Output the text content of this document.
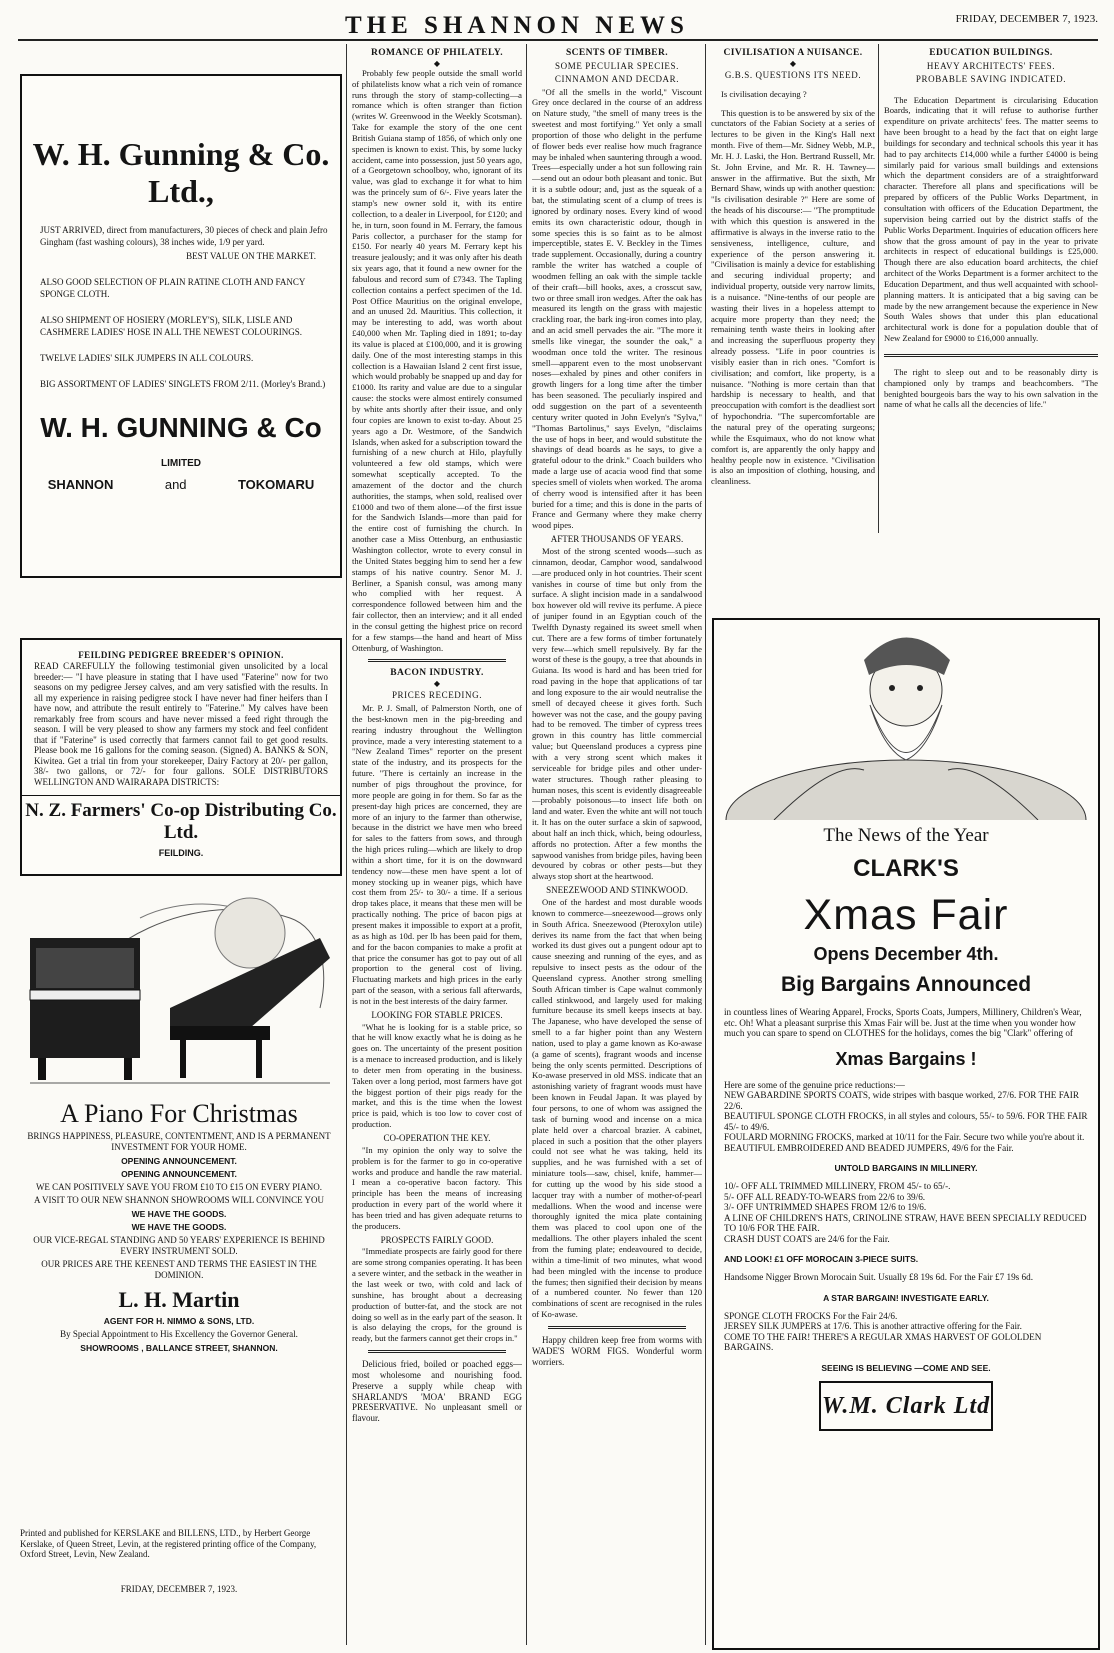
THE SHANNON NEWS	FRIDAY, DECEMBER 7, 1923.
W. H. Gunning & Co. Ltd.,
JUST ARRIVED, direct from manufacturers, 30 pieces of check and plain Jefro Gingham (fast washing colours), 38 inches wide, 1/9 per yard.
BEST VALUE ON THE MARKET.
ALSO GOOD SELECTION OF PLAIN RATINE CLOTH AND FANCY SPONGE CLOTH.
ALSO SHIPMENT OF HOSIERY (MORLEY'S), SILK, LISLE AND CASHMERE LADIES' HOSE IN ALL THE NEWEST COLOURINGS.
TWELVE LADIES' SILK JUMPERS IN ALL COLOURS.
BIG ASSORTMENT OF LADIES' SINGLETS FROM 2/11. (Morley's Brand.)
W. H. GUNNING & Co
LIMITED
SHANNON	and	TOKOMARU
FEILDING PEDIGREE BREEDER'S OPINION.
READ CAREFULLY the following testimonial given unsolicited by a local breeder:— "I have pleasure in stating that I have used "Faterine" now for two seasons on my pedigree Jersey calves, and am very satisfied with the results. In all my experience in raising pedigree stock I have never had finer heifers than I have now, and attribute the result entirely to "Faterine." My calves have been remarkably free from scours and have never missed a feed right through the season. I will be very pleased to show any farmers my stock and feel confident that if "Faterine" is used correctly that farmers cannot fail to get good results. Please book me 16 gallons for the coming season. (Signed) A. BANKS & SON, Kiwitea. Get a trial tin from your storekeeper, Dairy Factory at 20/- per gallon, 38/- two gallons, or 72/- for four gallons. SOLE DISTRIBUTORS WELLINGTON AND WAIRARAPA DISTRICTS:
N. Z. Farmers' Co-op Distributing Co. Ltd.
FEILDING.
A Piano For Christmas
BRINGS HAPPINESS, PLEASURE, CONTENTMENT, AND IS A PERMANENT INVESTMENT FOR YOUR HOME.
OPENING ANNOUNCEMENT.
OPENING ANNOUNCEMENT.
WE CAN POSITIVELY SAVE YOU FROM £10 TO £15 ON EVERY PIANO.
A VISIT TO OUR NEW SHANNON SHOWROOMS WILL CONVINCE YOU
WE HAVE THE GOODS.
WE HAVE THE GOODS.
OUR VICE-REGAL STANDING AND 50 YEARS' EXPERIENCE IS BEHIND EVERY INSTRUMENT SOLD.
OUR PRICES ARE THE KEENEST AND TERMS THE EASIEST IN THE DOMINION.
L. H. Martin
AGENT FOR H. NIMMO & SONS, LTD.
By Special Appointment to His Excellency the Governor General.
SHOWROOMS , BALLANCE STREET, SHANNON.
Printed and published for KERSLAKE and BILLENS, LTD., by Herbert George Kerslake, of Queen Street, Levin, at the registered printing office of the Company, Oxford Street, Levin, New Zealand.
FRIDAY, DECEMBER 7, 1923.
ROMANCE OF PHILATELY.
◆

Probably few people outside the small world of philatelists know what a rich vein of romance runs through the story of stamp-collecting—a romance which is often stranger than fiction (writes W. Greenwood in the Weekly Scotsman). Take for example the story of the one cent British Guiana stamp of 1856, of which only one specimen is known to exist. This, by some lucky accident, came into possession, just 50 years ago, of a Georgetown schoolboy, who, ignorant of its value, was glad to exchange it for what to him was the princely sum of 6/-. Five years later the stamp's new owner sold it, with its entire collection, to a dealer in Liverpool, for £120; and he, in turn, soon found in M. Ferrary, the famous Paris collector, a purchaser for the stamp for £150. For nearly 40 years M. Ferrary kept his treasure jealously; and it was only after his death six years ago, that it found a new owner for the fabulous and record sum of £7343. The Tapling collection contains a perfect specimen of the 1d. Post Office Mauritius on the original envelope, and an unused 2d. Mauritius. This collection, it may be interesting to add, was worth about £40,000 when Mr. Tapling died in 1891; to-day its value is placed at £100,000, and it is growing daily. One of the most interesting stamps in this collection is a Hawaiian Island 2 cent first issue, which would probably be snapped up and day for £1000. Its rarity and value are due to a singular cause: the stocks were almost entirely consumed by white ants shortly after their issue, and only four copies are known to exist to-day. About 25 years ago a Dr. Westmore, of the Sandwich Islands, when asked for a subscription toward the furnishing of a new church at Hilo, playfully volunteered a few old stamps, which were somewhat sceptically accepted. To the amazement of the doctor and the church authorities, the stamps, when sold, realised over £1000 and two of them alone—of the first issue for the Sandwich Islands—more than paid for the entire cost of furnishing the church. In another case a Miss Ottenburg, an enthusiastic Washington collector, wrote to every consul in the United States begging him to send her a few stamps of his native country. Senor M. J. Berliner, a Spanish consul, was among many who complied with her request. A correspondence followed between him and the fair collector, then an interview; and it all ended in the consul getting the highest price on record for a few stamps—the hand and heart of Miss Ottenburg, of Washington.

BACON INDUSTRY.
◆
PRICES RECEDING.

Mr. P. J. Small, of Palmerston North, one of the best-known men in the pig-breeding and rearing industry throughout the Wellington province, made a very interesting statement to a "New Zealand Times" reporter on the present state of the industry, and its prospects for the future. "There is certainly an increase in the number of pigs throughout the province, for more people are going in for them. So far as the present-day high prices are concerned, they are more of an injury to the farmer than otherwise, because in the district we have men who breed for sales to the fatters from sows, and through the high prices ruling—which are likely to drop within a short time, for it is on the downward tendency now—these men have spent a lot of money stocking up in weaner pigs, which have cost them from 25/- to 30/- a time. If a serious drop takes place, it means that these men will be practically nothing. The price of bacon pigs at present makes it impossible to export at a profit, as as high as 10d. per lb has been paid for them, and for the bacon companies to make a profit at that price the consumer has got to pay out of all proportion to the general cost of living. Fluctuating markets and high prices in the early part of the season, with a serious fall afterwards, is not in the best interests of the dairy farmer.

LOOKING FOR STABLE PRICES.

"What he is looking for is a stable price, so that he will know exactly what he is doing as he goes on. The uncertainty of the present position is a menace to increased production, and is likely to deter men from operating in the business. Taken over a long period, most farmers have got the biggest portion of their pigs ready for the market, and this is the time when the lowest price is paid, which is too low to cover cost of production.

CO-OPERATION THE KEY.

"In my opinion the only way to solve the problem is for the farmer to go in co-operative works and produce and handle the raw material. I mean a co-operative bacon factory. This principle has been the means of increasing production in every part of the world where it has been tried and has given adequate returns to the producers.

PROSPECTS FAIRLY GOOD.

"Immediate prospects are fairly good for there are some strong companies operating. It has been a severe winter, and the setback in the weather in the last week or two, with cold and lack of sunshine, has brought about a decreasing production of butter-fat, and the stock are not doing so well as in the early part of the season. It is also delaying the crops, for the ground is ready, but the farmers cannot get their crops in."

Delicious fried, boiled or poached eggs—most wholesome and nourishing food. Preserve a supply while cheap with SHARLAND'S 'MOA' BRAND EGG PRESERVATIVE. No unpleasant smell or flavour.

SCENTS OF TIMBER.
SOME PECULIAR SPECIES.
CINNAMON AND DECDAR.

"Of all the smells in the world," Viscount Grey once declared in the course of an address on Nature study, "the smell of many trees is the sweetest and most fortifying." Yet only a small proportion of those who delight in the perfume of flower beds ever realise how much fragrance may be inhaled when sauntering through a wood. Trees—especially under a hot sun following rain—send out an odour both pleasant and tonic. But it is a subtle odour; and, just as the squeak of a bat, the stimulating scent of a clump of trees is ignored by ordinary noses. Every kind of wood emits its own characteristic odour, though in some species this is so faint as to be almost imperceptible, states E. V. Beckley in the Times trade supplement. Occasionally, during a country ramble the writer has watched a couple of woodmen felling an oak with the simple tackle of their craft—bill hooks, axes, a crosscut saw, two or three small iron wedges. After the oak has measured its length on the grass with majestic crackling roar, the bark ing-iron comes into play, and an acid smell pervades the air. "The more it smells like vinegar, the sounder the oak," a woodman once told the writer. The resinous smell—apparent even to the most unobservant noses—exhaled by pines and other conifers in growth lingers for a long time after the timber has been seasoned. The peculiarly inspired and odd suggestion on the part of a seventeenth century writer quoted in John Evelyn's "Sylva," "Thomas Bartolinus," says Evelyn, "disclaims the use of hops in beer, and would substitute the shavings of dead boards as he says, to give a grateful odour to the drink." Coach builders who made a large use of acacia wood find that some species smell of violets when worked. The aroma of cherry wood is intensified after it has been buried for a time; and this is done in the parts of France and Germany where they make cherry wood pipes.

AFTER THOUSANDS OF YEARS.

Most of the strong scented woods—such as cinnamon, deodar, Camphor wood, sandalwood—are produced only in hot countries. Their scent vanishes in course of time but only from the surface. A slight incision made in a sandalwood box however old will revive its perfume. A piece of juniper found in an Egyptian couch of the Twelfth Dynasty regained its sweet smell when cut. There are a few forms of timber fortunately very few—which smell repulsively. By far the worst of these is the goupy, a tree that abounds in Guiana. Its wood is hard and has been tried for road paving in the hope that applications of tar and long exposure to the air would neutralise the smell of decayed cheese it gives forth. Such however was not the case, and the goupy paving had to be removed. The timber of cypress trees grown in this country has little commercial value; but Queensland produces a cypress pine with a very strong scent which makes it serviceable for bridge piles and other under-water structures. Though rather pleasing to human noses, this scent is evidently disagreeable—probably poisonous—to insect life both on land and water. Even the white ant will not touch it. It has on the outer surface a skin of sapwood, about half an inch thick, which, being odourless, affords no protection. After a few months the sapwood vanishes from bridge piles, having been devoured by cobras or other pests—but they always stop short at the heartwood.

SNEEZEWOOD AND STINKWOOD.

One of the hardest and most durable woods known to commerce—sneezewood—grows only in South Africa. Sneezewood (Pteroxylon utile) derives its name from the fact that when being worked its dust gives out a pungent odour apt to cause sneezing and running of the eyes, and as repulsive to insect pests as the odour of the Queensland cypress. Another strong smelling South African timber is Cape walnut commonly called stinkwood, and largely used for making furniture because its smell keeps insects at bay. The Japanese, who have developed the sense of smell to a far higher point than any Western nation, used to play a game known as Ko-awase (a game of scents), fragrant woods and incense being the only scents permitted. Descriptions of Ko-awase preserved in old MSS. indicate that an astonishing variety of fragrant woods must have been known in Feudal Japan. It was played by four persons, to one of whom was assigned the task of burning wood and incense on a mica plate held over a charcoal brazier. A cabinet, placed in such a position that the other players could not see what he was taking, held its supplies, and he was furnished with a set of miniature tools—saw, chisel, knife, hammer—for cutting up the wood by his side stood a lacquer tray with a number of mother-of-pearl medallions. When the wood and incense were thoroughly ignited the mica plate containing them was placed to cool upon one of the medallions. The other players inhaled the scent from the fuming plate; endeavoured to decide, within a time-limit of two minutes, what wood had been mingled with the incense to produce the fumes; then signified their decision by means of a numbered counter. No fewer than 120 combinations of scent are recognised in the rules of Ko-awase.

Happy children keep free from worms with WADE'S WORM FIGS. Wonderful worm worriers.

CIVILISATION A NUISANCE.
◆
G.B.S. QUESTIONS ITS NEED.

Is civilisation decaying ?

This question is to be answered by six of the cunctators of the Fabian Society at a series of lectures to be given in the King's Hall next month. Five of them—Mr. Sidney Webb, M.P., Mr. H. J. Laski, the Hon. Bertrand Russell, Mr. St. John Ervine, and Mr. R. H. Tawney—answer in the affirmative. But the sixth, Mr Bernard Shaw, winds up with another question: "Is civilisation desirable ?" Here are some of the heads of his discourse:— "The promptitude with which this question is answered in the affirmative is always in the inverse ratio to the sensiveness, intelligence, culture, and experience of the person answering it. "Civilisation is mainly a device for establishing and securing individual property; and individual property, outside very narrow limits, is a nuisance. "Nine-tenths of our people are wasting their lives in a hopeless attempt to acquire more property than they need; the remaining tenth waste theirs in looking after and increasing the superfluous property they already possess. "Life in poor countries is visibly easier than in rich ones. "Comfort is civilisation; and comfort, like property, is a nuisance. "Nothing is more certain than that hardship is necessary to health, and that preoccupation with comfort is the deadliest sort of hypochondria. "The supercomfortable are the natural prey of the operating surgeons; while the Esquimaux, who do not know what comfort is, are apparently the only happy and healthy people now in existence. "Civilisation is also an imposition of clothing, housing, and cleanliness.

EDUCATION BUILDINGS.
HEAVY ARCHITECTS' FEES.
PROBABLE SAVING INDICATED.

The Education Department is circularising Education Boards, indicating that it will refuse to authorise further expenditure on private architects' fees. The matter seems to have been brought to a head by the fact that on eight large buildings for secondary and technical schools this year it has had to pay architects £14,000 while a further £4000 is being similarly paid for various small buildings and extensions which the department considers are of a straightforward character. Therefore all plans and specifications will be prepared by officers of the Public Works Department, in consultation with officers of the Education Department, the supervision being carried out by the district staffs of the Public Works Department. Inquiries of education officers here show that the gross amount of pay in the year to private architects in respect of educational buildings is £25,000. Though there are also education board architects, the chief architect of the Works Department is a former architect to the Education Department, and thus well acquainted with school-planning matters. It is anticipated that a big saving can be made by the new arrangement because the experience in New South Wales shows that under this plan educational architectural work is done for a population double that of New Zealand for £9000 to £16,000 annually.

The right to sleep out and to be reasonably dirty is championed only by tramps and beachcombers. "The benighted bourgeois bars the way to his own salvation in the name of what he calls all the decencies of life."

The News of the Year
CLARK'S
Xmas Fair
Opens December 4th.
Big Bargains Announced

in countless lines of Wearing Apparel, Frocks, Sports Coats, Jumpers, Millinery, Children's Wear, etc. Oh! What a pleasant surprise this Xmas Fair will be. Just at the time when you wonder how much you can spare to spend on CLOTHES for the holidays, comes the big "Clark" offering of

Xmas Bargains !

Here are some of the genuine price reductions:—

NEW GABARDINE SPORTS COATS, wide stripes with basque worked, 27/6. FOR THE FAIR 22/6.

BEAUTIFUL SPONGE CLOTH FROCKS, in all styles and colours, 55/- to 59/6. FOR THE FAIR 45/- to 49/6.

FOULARD MORNING FROCKS, marked at 10/11 for the Fair. Secure two while you're about it.

BEAUTIFUL EMBROIDERED AND BEADED JUMPERS, 49/6 for the Fair.

UNTOLD BARGAINS IN MILLINERY.

10/- OFF ALL TRIMMED MILLINERY, FROM 45/- to 65/-.

5/- OFF ALL READY-TO-WEARS from 22/6 to 39/6.

3/- OFF UNTRIMMED SHAPES FROM 12/6 to 19/6.

A LINE OF CHILDREN'S HATS, CRINOLINE STRAW, HAVE BEEN SPECIALLY REDUCED TO 10/6 FOR THE FAIR.

CRASH DUST COATS are 24/6 for the Fair.

AND LOOK! £1 OFF MOROCAIN 3-PIECE SUITS.

Handsome Nigger Brown Morocain Suit. Usually £8 19s 6d. For the Fair £7 19s 6d.

A STAR BARGAIN! INVESTIGATE EARLY.

SPONGE CLOTH FROCKS For the Fair 24/6.

JERSEY SILK JUMPERS at 17/6. This is another attractive offering for the Fair.

COME TO THE FAIR! THERE'S A REGULAR XMAS HARVEST OF GOLOLDEN BARGAINS.

SEEING IS BELIEVING —COME AND SEE.
W.M. Clark Ltd
